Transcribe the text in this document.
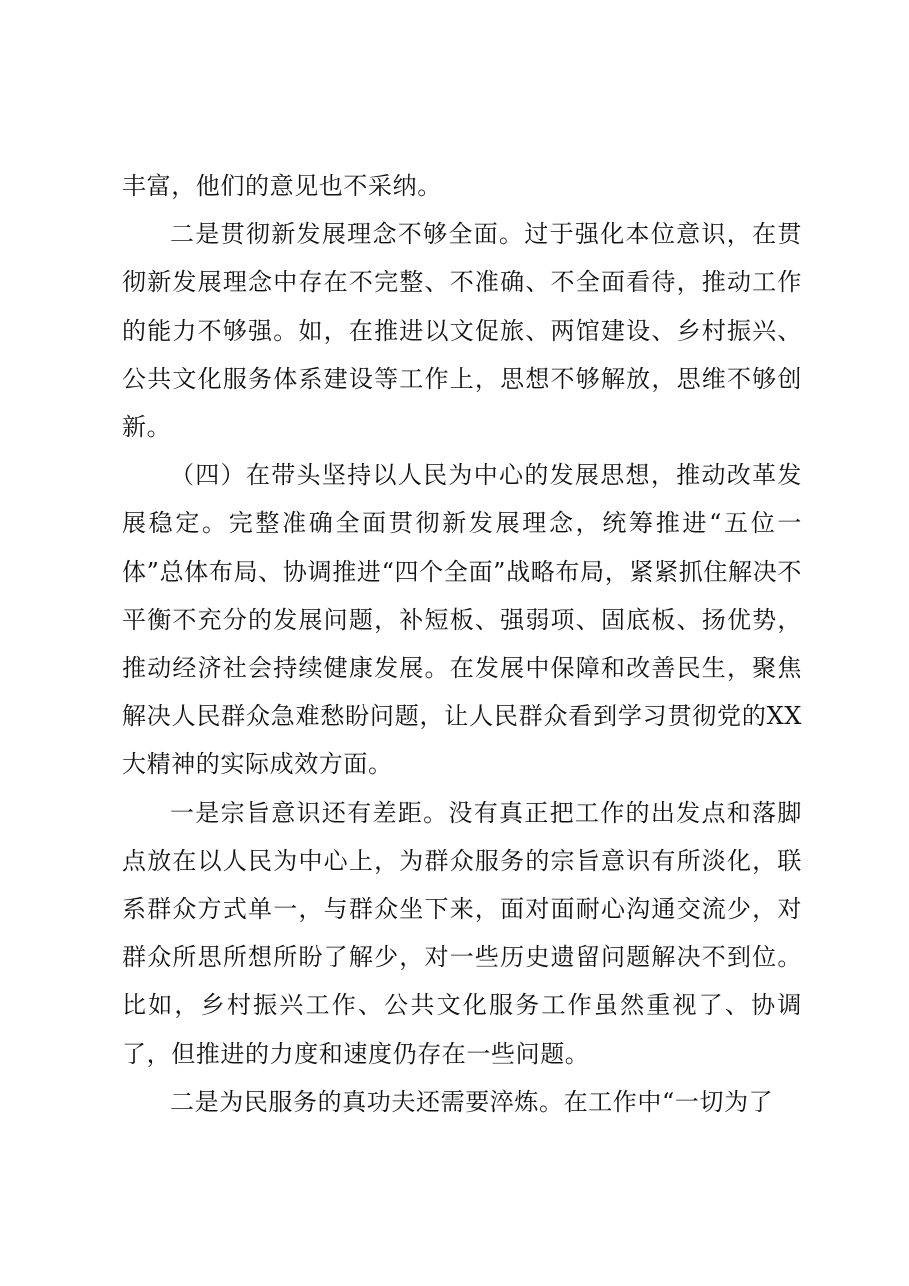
丰富，他们的意见也不采纳。

二是贯彻新发展理念不够全面。过于强化本位意识，在贯彻新发展理念中存在不完整、不准确、不全面看待，推动工作的能力不够强。如，在推进以文促旅、两馆建设、乡村振兴、公共文化服务体系建设等工作上，思想不够解放，思维不够创新。

（四）在带头坚持以人民为中心的发展思想，推动改革发展稳定。完整准确全面贯彻新发展理念，统筹推进“五位一体”总体布局、协调推进“四个全面”战略布局，紧紧抓住解决不平衡不充分的发展问题，补短板、强弱项、固底板、扬优势，推动经济社会持续健康发展。在发展中保障和改善民生，聚焦解决人民群众急难愁盼问题，让人民群众看到学习贯彻党的XX大精神的实际成效方面。

一是宗旨意识还有差距。没有真正把工作的出发点和落脚点放在以人民为中心上，为群众服务的宗旨意识有所淡化，联系群众方式单一，与群众坐下来，面对面耐心沟通交流少，对群众所思所想所盼了解少，对一些历史遗留问题解决不到位。比如，乡村振兴工作、公共文化服务工作虽然重视了、协调了，但推进的力度和速度仍存在一些问题。

二是为民服务的真功夫还需要淬炼。在工作中“一切为了
